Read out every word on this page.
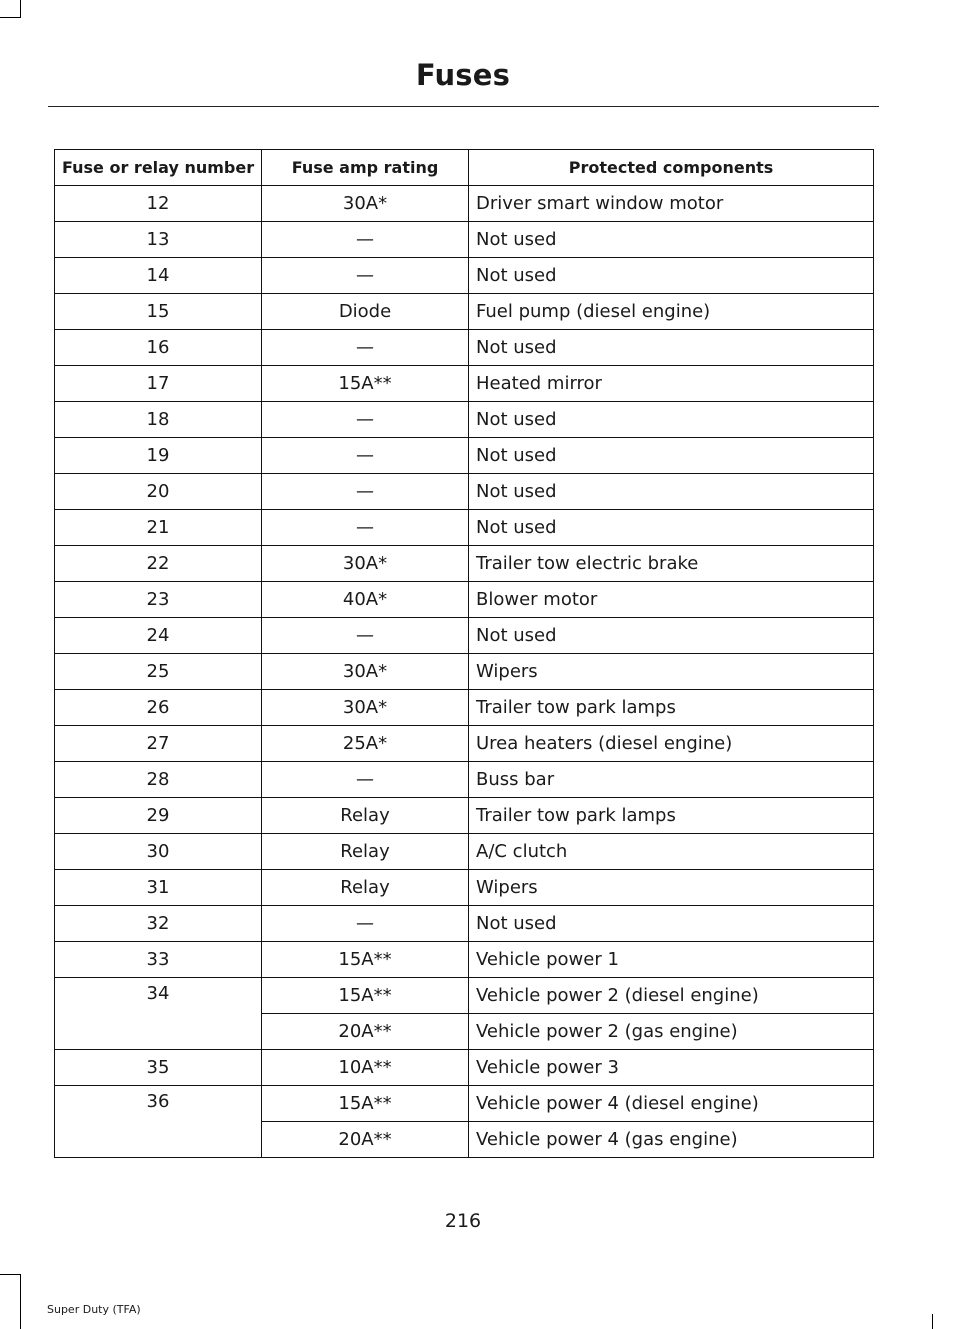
Fuses
Fuse or relay number	Fuse amp rating	Protected components
12	30A*	Driver smart window motor
13	—	Not used
14	—	Not used
15	Diode	Fuel pump (diesel engine)
16	—	Not used
17	15A**	Heated mirror
18	—	Not used
19	—	Not used
20	—	Not used
21	—	Not used
22	30A*	Trailer tow electric brake
23	40A*	Blower motor
24	—	Not used
25	30A*	Wipers
26	30A*	Trailer tow park lamps
27	25A*	Urea heaters (diesel engine)
28	—	Buss bar
29	Relay	Trailer tow park lamps
30	Relay	A/C clutch
31	Relay	Wipers
32	—	Not used
33	15A**	Vehicle power 1
34	15A**	Vehicle power 2 (diesel engine)
	20A**	Vehicle power 2 (gas engine)
35	10A**	Vehicle power 3
36	15A**	Vehicle power 4 (diesel engine)
	20A**	Vehicle power 4 (gas engine)
216
Super Duty (TFA)
